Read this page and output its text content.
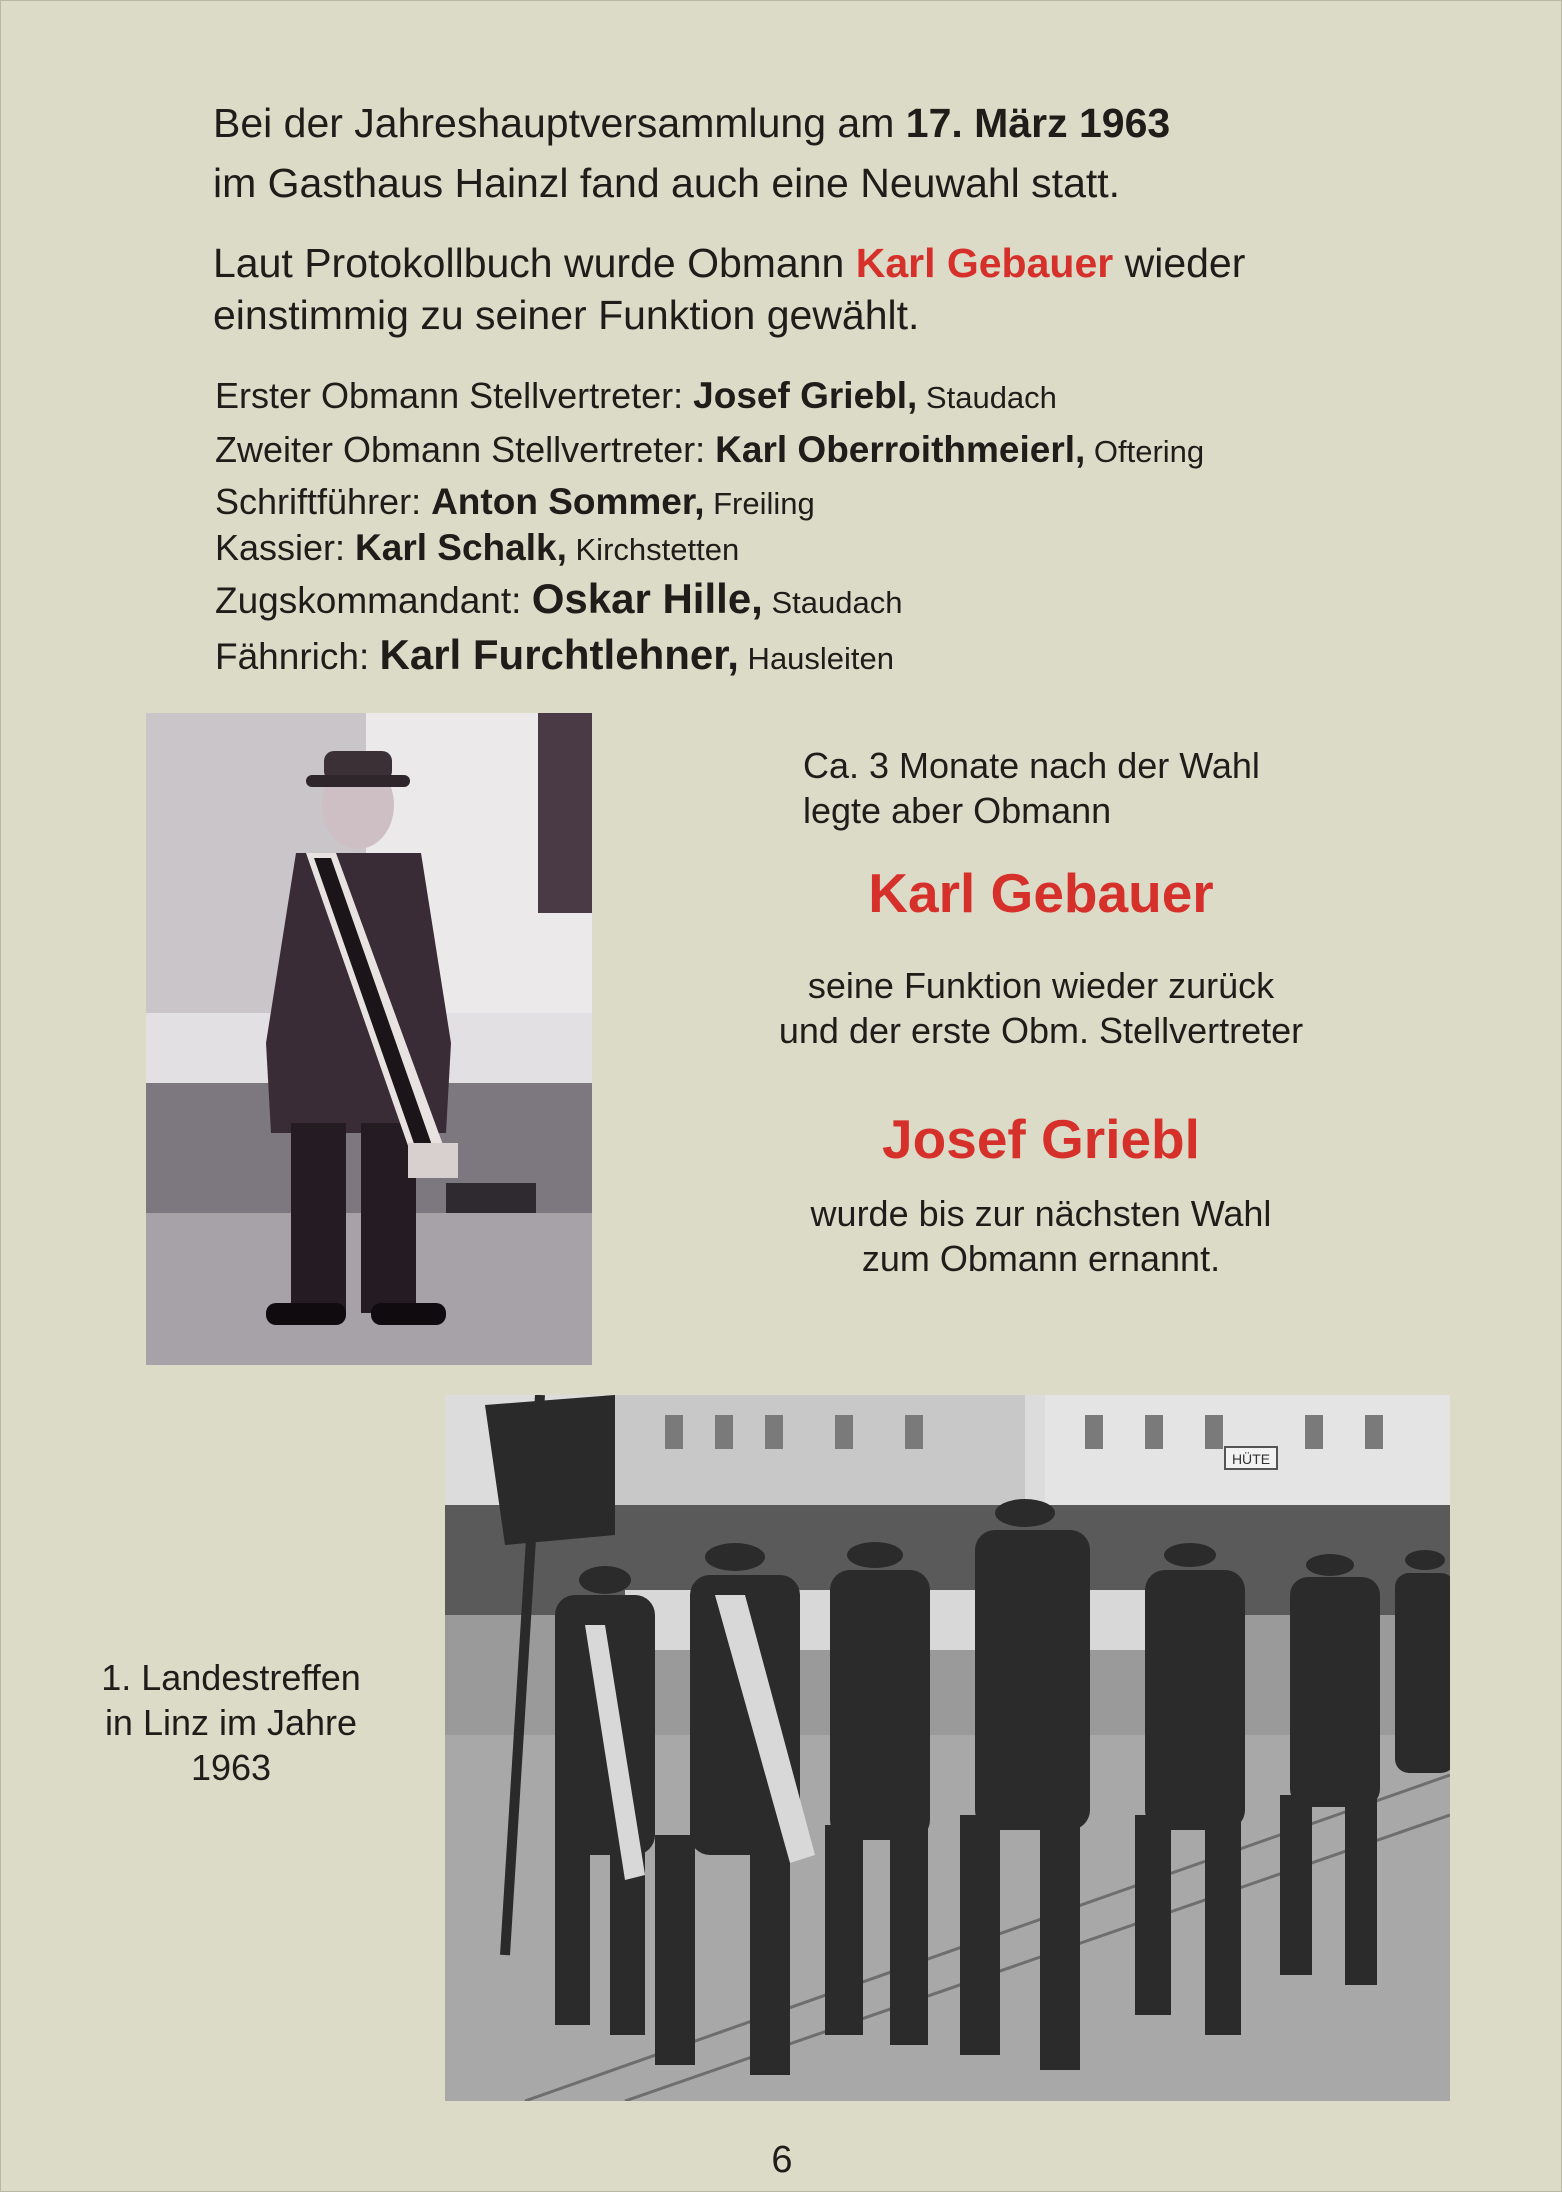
Bei der Jahreshauptversammlung am 17. März 1963
im Gasthaus Hainzl fand auch eine Neuwahl statt.
Laut Protokollbuch wurde Obmann Karl Gebauer wieder
einstimmig zu seiner Funktion gewählt.
Erster Obmann Stellvertreter: Josef Griebl, Staudach
Zweiter Obmann Stellvertreter: Karl Oberroithmeierl, Oftering
Schriftführer: Anton Sommer, Freiling
Kassier: Karl Schalk, Kirchstetten
Zugskommandant: Oskar Hille, Staudach
Fähnrich: Karl Furchtlehner, Hausleiten
Ca. 3 Monate nach der Wahl
legte aber Obmann
Karl Gebauer
seine Funktion wieder zurück
und der erste Obm. Stellvertreter
Josef Griebl
wurde bis zur nächsten Wahl
zum Obmann ernannt.
HÜTE
1. Landestreffen
in Linz im Jahre
1963
6
